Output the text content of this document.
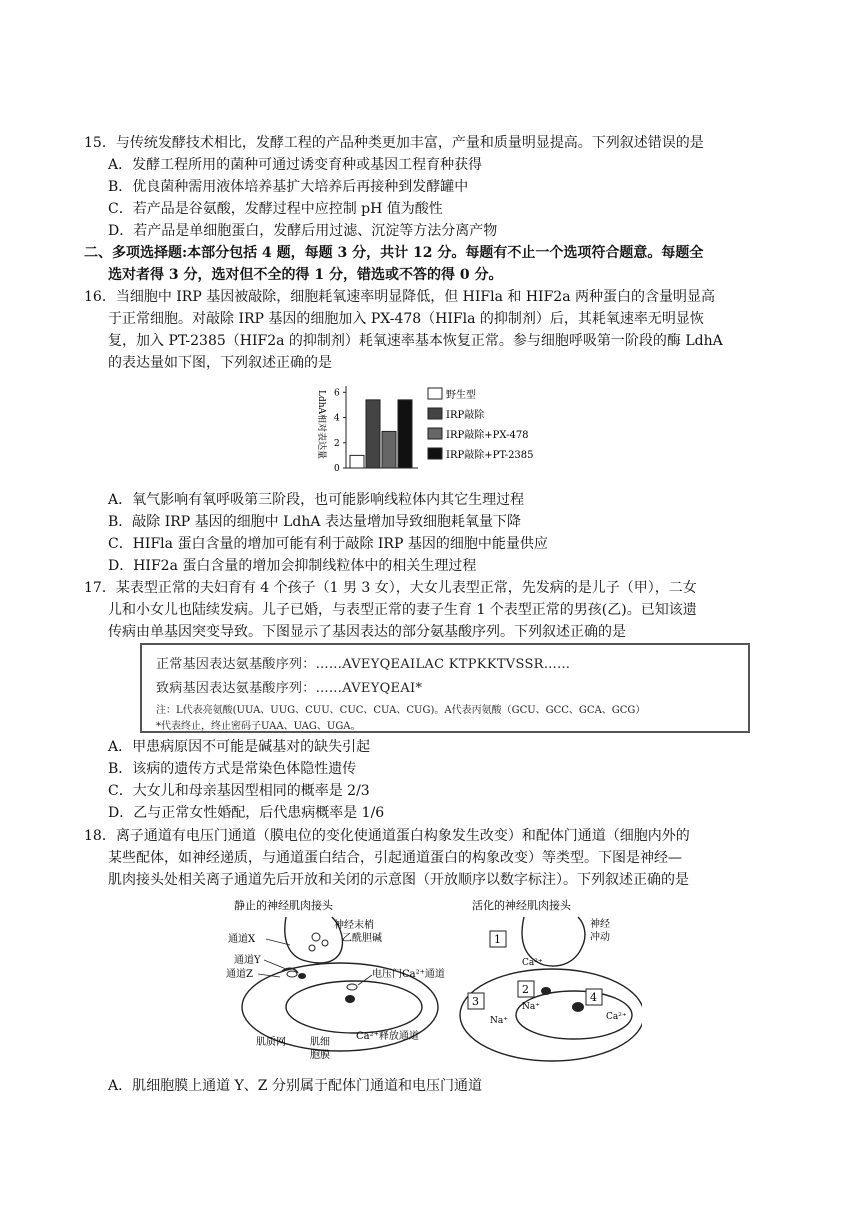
15．与传统发酵技术相比，发酵工程的产品种类更加丰富，产量和质量明显提高。下列叙述错误的是
A．发酵工程所用的菌种可通过诱变育种或基因工程育种获得
B．优良菌种需用液体培养基扩大培养后再接种到发酵罐中
C．若产品是谷氨酸，发酵过程中应控制 pH 值为酸性
D．若产品是单细胞蛋白，发酵后用过滤、沉淀等方法分离产物
二、多项选择题:本部分包括 4 题，每题 3 分，共计 12 分。每题有不止一个选项符合题意。每题全
选对者得 3 分，选对但不全的得 1 分，错选或不答的得 0 分。
16．当细胞中 IRP 基因被敲除，细胞耗氧速率明显降低，但 HIFla 和 HIF2a 两种蛋白的含量明显高
于正常细胞。对敲除 IRP 基因的细胞加入 PX-478（HIFla 的抑制剂）后，其耗氧速率无明显恢
复，加入 PT-2385（HIF2a 的抑制剂）耗氧速率基本恢复正常。参与细胞呼吸第一阶段的酶 LdhA
的表达量如下图，下列叙述正确的是
LdhA相对表达量
0
2
4
6	野生型
IRP敲除
IRP敲除+PX-478
IRP敲除+PT-2385
A．氧气影响有氧呼吸第三阶段，也可能影响线粒体内其它生理过程
B．敲除 IRP 基因的细胞中 LdhA 表达量增加导致细胞耗氧量下降
C．HIFla 蛋白含量的增加可能有利于敲除 IRP 基因的细胞中能量供应
D．HIF2a 蛋白含量的增加会抑制线粒体中的相关生理过程
17．某表型正常的夫妇育有 4 个孩子（1 男 3 女），大女儿表型正常，先发病的是儿子（甲），二女
儿和小女儿也陆续发病。儿子已婚，与表型正常的妻子生育 1 个表型正常的男孩(乙)。已知该遗
传病由单基因突变导致。下图显示了基因表达的部分氨基酸序列。下列叙述正确的是
正常基因表达氨基酸序列：……AVEYQEAILAC KTPKKTVSSR……
致病基因表达氨基酸序列：……AVEYQEAI*
注：L代表亮氨酸(UUA、UUG、CUU、CUC、CUA、CUG)。A代表丙氨酸（GCU、GCC、GCA、GCG）
*代表终止，终止密码子UAA、UAG、UGA。
A．甲患病原因不可能是碱基对的缺失引起
B．该病的遗传方式是常染色体隐性遗传
C．大女儿和母亲基因型相同的概率是 2/3
D．乙与正常女性婚配，后代患病概率是 1/6
18．离子通道有电压门通道（膜电位的变化使通道蛋白构象发生改变）和配体门通道（细胞内外的
某些配体，如神经递质，与通道蛋白结合，引起通道蛋白的构象改变）等类型。下图是神经—
肌肉接头处相关离子通道先后开放和关闭的示意图（开放顺序以数字标注）。下列叙述正确的是
静止的神经肌肉接头
神经末梢
乙酰胆碱
通道X
通道Y
通道Z	电压门Ca²⁺通道
肌质网 肌细
胞膜
Ca²⁺释放通道
活化的神经肌肉接头
神经
冲动
1
Ca²⁺
2
Na⁺
3
Na⁺
4
Ca²⁺
A．肌细胞膜上通道 Y、Z 分别属于配体门通道和电压门通道
